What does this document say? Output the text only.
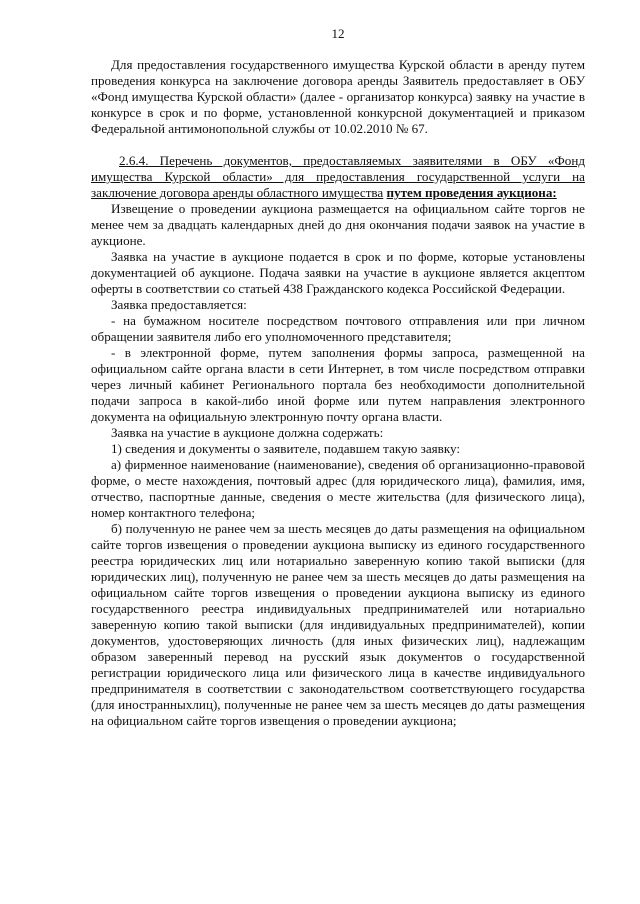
12

Для предоставления государственного имущества Курской области в аренду путем проведения конкурса на заключение договора аренды Заявитель предоставляет в ОБУ «Фонд имущества Курской области» (далее - организатор конкурса) заявку на участие в конкурсе в срок и по форме, установленной конкурсной документацией и приказом Федеральной антимонопольной службы от 10.02.2010 № 67.

2.6.4. Перечень документов, предоставляемых заявителями в ОБУ «Фонд имущества Курской области» для предоставления государственной услуги на заключение договора аренды областного имущества путем проведения аукциона:

Извещение о проведении аукциона размещается на официальном сайте торгов не менее чем за двадцать календарных дней до дня окончания подачи заявок на участие в аукционе.

Заявка на участие в аукционе подается в срок и по форме, которые установлены документацией об аукционе. Подача заявки на участие в аукционе является акцептом оферты в соответствии со статьей 438 Гражданского кодекса Российской Федерации.

Заявка предоставляется:

- на бумажном носителе посредством почтового отправления или при личном обращении заявителя либо его уполномоченного представителя;

- в электронной форме, путем заполнения формы запроса, размещенной на официальном сайте органа власти в сети Интернет, в том числе посредством отправки через личный кабинет Регионального портала без необходимости дополнительной подачи запроса в какой-либо иной форме или путем направления электронного документа на официальную электронную почту органа власти.

Заявка на участие в аукционе должна содержать:

1) сведения и документы о заявителе, подавшем такую заявку:

а) фирменное наименование (наименование), сведения об организационно-правовой форме, о месте нахождения, почтовый адрес (для юридического лица), фамилия, имя, отчество, паспортные данные, сведения о месте жительства (для физического лица), номер контактного телефона;

б) полученную не ранее чем за шесть месяцев до даты размещения на официальном сайте торгов извещения о проведении аукциона выписку из единого государственного реестра юридических лиц или нотариально заверенную копию такой выписки (для юридических лиц), полученную не ранее чем за шесть месяцев до даты размещения на официальном сайте торгов извещения о проведении аукциона выписку из единого государственного реестра индивидуальных предпринимателей или нотариально заверенную копию такой выписки (для индивидуальных предпринимателей), копии документов, удостоверяющих личность (для иных физических лиц), надлежащим образом заверенный перевод на русский язык документов о государственной регистрации юридического лица или физического лица в качестве индивидуального предпринимателя в соответствии с законодательством соответствующего государства (для иностранныхлиц), полученные не ранее чем за шесть месяцев до даты размещения на официальном сайте торгов извещения о проведении аукциона;
